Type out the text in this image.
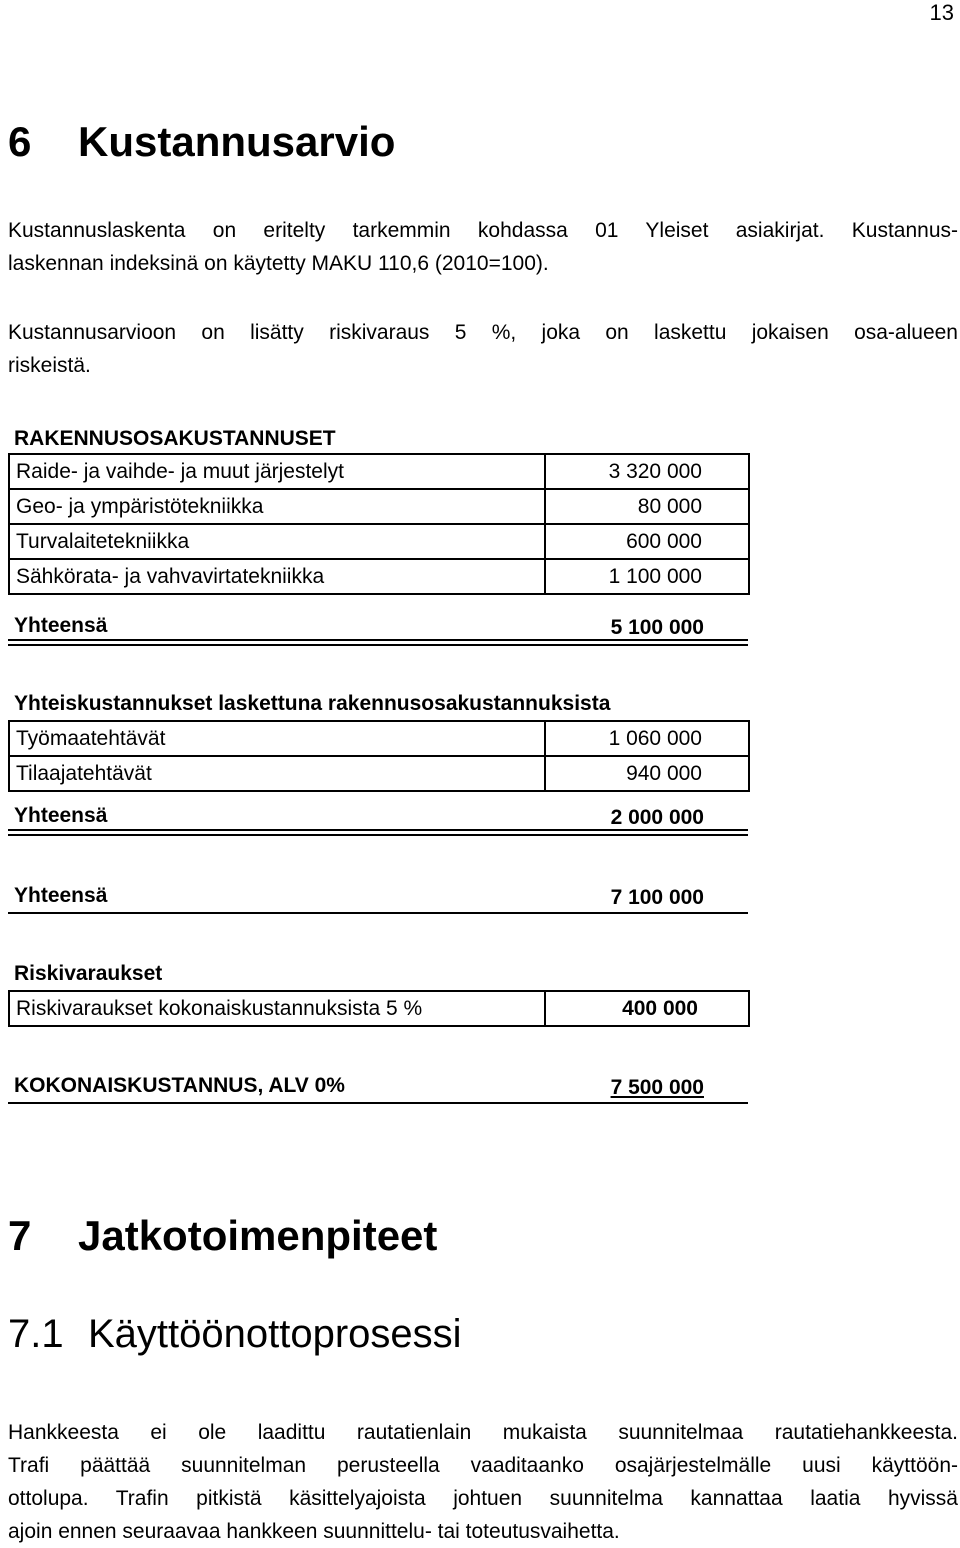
13
6 Kustannusarvio

Kustannuslaskenta on eritelty tarkemmin kohdassa 01 Yleiset asiakirjat. Kustannus-

laskennan indeksinä on käytetty MAKU 110,6 (2010=100).

Kustannusarvioon on lisätty riskivaraus 5 %, joka on laskettu jokaisen osa-alueen

riskeistä.

RAKENNUSOSAKUSTANNUSET
Raide- ja vaihde- ja muut järjestelyt	3 320 000
Geo- ja ympäristötekniikka	80 000
Turvalaitetekniikka	600 000
Sähkörata- ja vahvavirtatekniikka	1 100 000
Yhteensä	5 100 000
Yhteiskustannukset laskettuna rakennusosakustannuksista
Työmaatehtävät	1 060 000
Tilaajatehtävät	940 000
Yhteensä	2 000 000
Yhteensä	7 100 000
Riskivaraukset
Riskivaraukset kokonaiskustannuksista 5 %	400 000
KOKONAISKUSTANNUS, ALV 0%	7 500 000
7 Jatkotoimenpiteet
7.1 Käyttöönottoprosessi

Hankkeesta ei ole laadittu rautatienlain mukaista suunnitelmaa rautatiehankkeesta.

Trafi päättää suunnitelman perusteella vaaditaanko osajärjestelmälle uusi käyttöön-

ottolupa. Trafin pitkistä käsittelyajoista johtuen suunnitelma kannattaa laatia hyvissä

ajoin ennen seuraavaa hankkeen suunnittelu- tai toteutusvaihetta.
